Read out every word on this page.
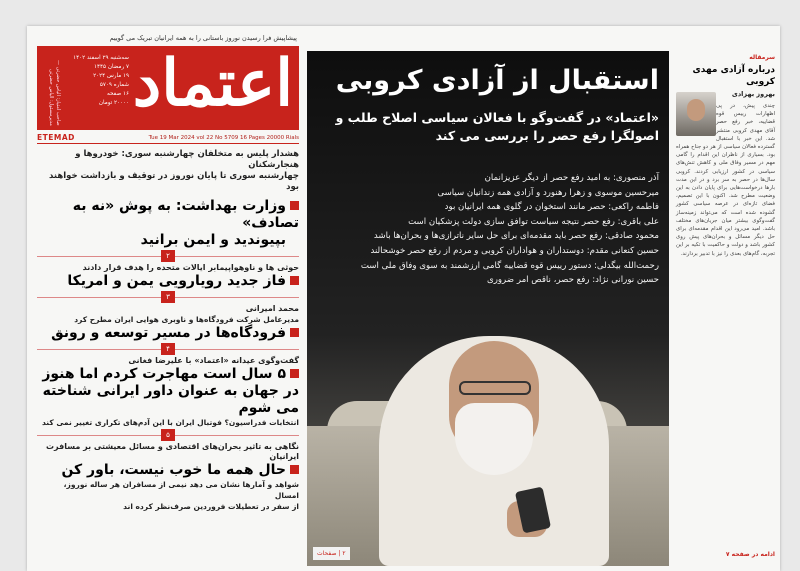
پیشاپیش فرا رسیدن نوروز باستانی را به همه ایرانیان تبریک می گوییم
اعتماد
سه‌شنبه ۲۹ اسفند ۱۴۰۲
۷ رمضان ۱۴۴۵
۱۹ مارس ۲۰۲۴
شماره ۵۷۰۹
۱۶ صفحه
۲۰۰۰۰ تومان
صاحب امتیاز: الیاس حضرتی — مدیرمسئول: الیاس حضرتی
ETEMAD	Tue 19 Mar 2024 vol 22 No 5709 16 Pages 20000 Rials
هشدار پلیس به متخلفان چهارشنبه سوری: خودروها و هنجارشکنان
چهارشنبه سوری تا پایان نوروز در توقیف و بازداشت خواهند بود
وزارت بهداشت: به پوش «نه به تصادف»
بپیوندید و ایمن برانید
۲
حوثی ها و ناوهواپیمابر ایالات متحده را هدف قرار دادند
فاز جدید رویارویی یمن و امریکا
۳
محمد امیرانی
مدیرعامل شرکت فرودگاه‌ها و ناوبری هوایی ایران مطرح کرد
فرودگاه‌ها در مسیر توسعه و رونق
۴
گفت‌وگوی عیدانه «اعتماد» با علیرضا فغانی
۵ سال است مهاجرت کردم اما هنوز در جهان به عنوان داور ایرانی شناخته می شوم
انتخابات فدراسیون؟ فوتبال ایران با این آدم‌های تکراری تغییر نمی کند
۵
نگاهی به تاثیر بحران‌های اقتصادی و مسائل معیشتی بر مسافرت ایرانیان
حال همه ما خوب نیست، باور کن
شواهد و آمارها نشان می دهد نیمی از مسافران هر ساله نوروز، امسال
از سفر در تعطیلات فروردین صرف‌نظر کرده اند
استقبال از آزادی کروبی
«اعتماد» در گفت‌وگو با فعالان سیاسی اصلاح طلب و اصولگرا رفع حصر را بررسی می کند
آذر منصوری: به امید رفع حصر از دیگر عزیزانمان
میرحسین موسوی و زهرا رهنورد و آزادی همه زندانیان سیاسی
فاطمه راکعی: حصر مانند استخوان در گلوی همه ایرانیان بود
علی باقری: رفع حصر نتیجه سیاست توافق سازی دولت پزشکیان است
محمود صادقی: رفع حصر باید مقدمه‌ای برای حل سایر ناترازی‌ها و بحران‌ها باشد
حسین کنعانی مقدم: دوستداران و هواداران کروبی و مردم از رفع حصر خوشحالند
رحمت‌الله بیگدلی: دستور رییس قوه قضاییه گامی ارزشمند به سوی وفاق ملی است
حسین نورانی نژاد: رفع حصر، ناقص امر ضروری
۲ | صفحات
سرمقاله
درباره آزادی مهدی کروبی
بهروز بهزادی
چندی پیش، در پی اظهارات رییس قوه قضاییه، خبر رفع حصر آقای مهدی کروبی منتشر شد. این خبر با استقبال گسترده فعالان سیاسی از هر دو جناح همراه بود. بسیاری از ناظران این اقدام را گامی مهم در مسیر وفاق ملی و کاهش تنش‌های سیاسی در کشور ارزیابی کردند. کروبی سال‌ها در حصر به سر برد و در این مدت بارها درخواست‌هایی برای پایان دادن به این وضعیت مطرح شد. اکنون با این تصمیم، فضای تازه‌ای در عرصه سیاسی کشور گشوده شده است که می‌تواند زمینه‌ساز گفت‌وگوی بیشتر میان جریان‌های مختلف باشد. امید می‌رود این اقدام مقدمه‌ای برای حل دیگر مسائل و بحران‌های پیش روی کشور باشد و دولت و حاکمیت با تکیه بر این تجربه، گام‌های بعدی را نیز با تدبیر بردارند.
ادامه در صفحه ۷
